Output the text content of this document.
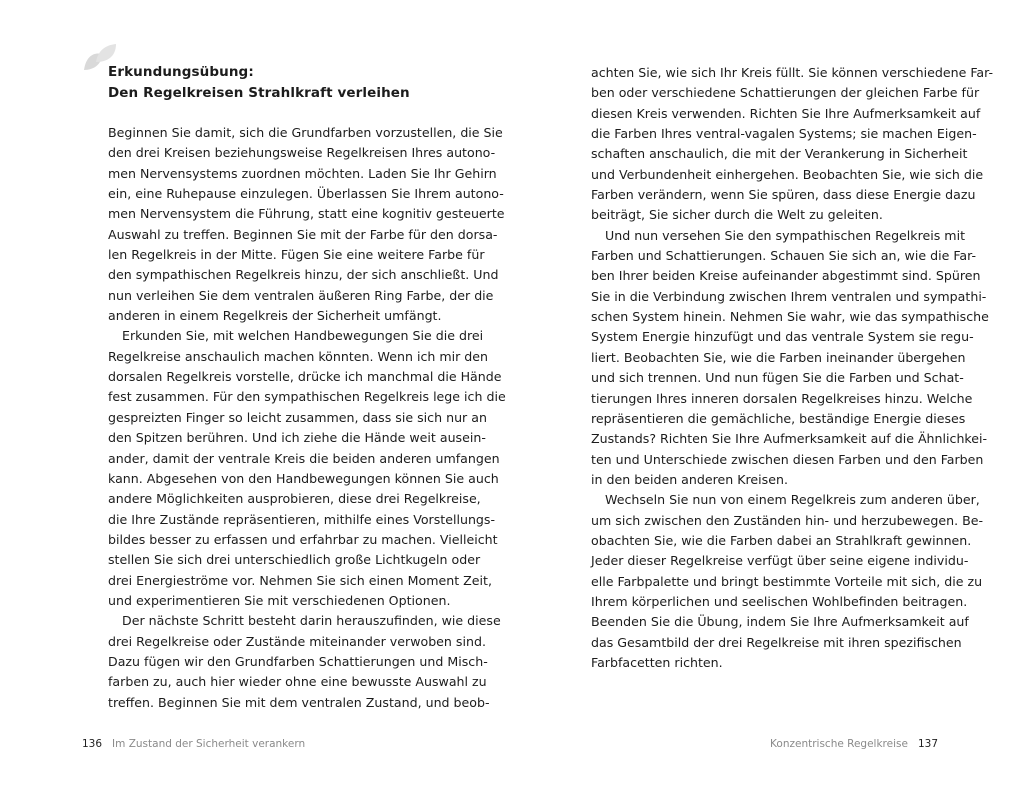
Erkundungsübung:
Den Regelkreisen Strahlkraft verleihen
Beginnen Sie damit, sich die Grundfarben vorzustellen, die Sie
den drei Kreisen beziehungsweise Regelkreisen Ihres autono-
men Nervensystems zuordnen möchten. Laden Sie Ihr Gehirn
ein, eine Ruhepause einzulegen. Überlassen Sie Ihrem autono-
men Nervensystem die Führung, statt eine kognitiv gesteuerte
Auswahl zu treffen. Beginnen Sie mit der Farbe für den dorsa-
len Regelkreis in der Mitte. Fügen Sie eine weitere Farbe für
den sympathischen Regelkreis hinzu, der sich anschließt. Und
nun verleihen Sie dem ventralen äußeren Ring Farbe, der die
anderen in einem Regelkreis der Sicherheit umfängt.
Erkunden Sie, mit welchen Handbewegungen Sie die drei
Regelkreise anschaulich machen könnten. Wenn ich mir den
dorsalen Regelkreis vorstelle, drücke ich manchmal die Hände
fest zusammen. Für den sympathischen Regelkreis lege ich die
gespreizten Finger so leicht zusammen, dass sie sich nur an
den Spitzen berühren. Und ich ziehe die Hände weit ausein-
ander, damit der ventrale Kreis die beiden anderen umfangen
kann. Abgesehen von den Handbewegungen können Sie auch
andere Möglichkeiten ausprobieren, diese drei Regelkreise,
die Ihre Zustände repräsentieren, mithilfe eines Vorstellungs-
bildes besser zu erfassen und erfahrbar zu machen. Vielleicht
stellen Sie sich drei unterschiedlich große Lichtkugeln oder
drei Energieströme vor. Nehmen Sie sich einen Moment Zeit,
und experimentieren Sie mit verschiedenen Optionen.
Der nächste Schritt besteht darin herauszufinden, wie diese
drei Regelkreise oder Zustände miteinander verwoben sind.
Dazu fügen wir den Grundfarben Schattierungen und Misch-
farben zu, auch hier wieder ohne eine bewusste Auswahl zu
treffen. Beginnen Sie mit dem ventralen Zustand, und beob-
136 Im Zustand der Sicherheit verankern
achten Sie, wie sich Ihr Kreis füllt. Sie können verschiedene Far-
ben oder verschiedene Schattierungen der gleichen Farbe für
diesen Kreis verwenden. Richten Sie Ihre Aufmerksamkeit auf
die Farben Ihres ventral-vagalen Systems; sie machen Eigen-
schaften anschaulich, die mit der Verankerung in Sicherheit
und Verbundenheit einhergehen. Beobachten Sie, wie sich die
Farben verändern, wenn Sie spüren, dass diese Energie dazu
beiträgt, Sie sicher durch die Welt zu geleiten.
Und nun versehen Sie den sympathischen Regelkreis mit
Farben und Schattierungen. Schauen Sie sich an, wie die Far-
ben Ihrer beiden Kreise aufeinander abgestimmt sind. Spüren
Sie in die Verbindung zwischen Ihrem ventralen und sympathi-
schen System hinein. Nehmen Sie wahr, wie das sympathische
System Energie hinzufügt und das ventrale System sie regu-
liert. Beobachten Sie, wie die Farben ineinander übergehen
und sich trennen. Und nun fügen Sie die Farben und Schat-
tierungen Ihres inneren dorsalen Regelkreises hinzu. Welche
repräsentieren die gemächliche, beständige Energie dieses
Zustands? Richten Sie Ihre Aufmerksamkeit auf die Ähnlichkei-
ten und Unterschiede zwischen diesen Farben und den Farben
in den beiden anderen Kreisen.
Wechseln Sie nun von einem Regelkreis zum anderen über,
um sich zwischen den Zuständen hin- und herzubewegen. Be-
obachten Sie, wie die Farben dabei an Strahlkraft gewinnen.
Jeder dieser Regelkreise verfügt über seine eigene individu-
elle Farbpalette und bringt bestimmte Vorteile mit sich, die zu
Ihrem körperlichen und seelischen Wohlbefinden beitragen.
Beenden Sie die Übung, indem Sie Ihre Aufmerksamkeit auf
das Gesamtbild der drei Regelkreise mit ihren spezifischen
Farbfacetten richten.
Konzentrische Regelkreise 137
